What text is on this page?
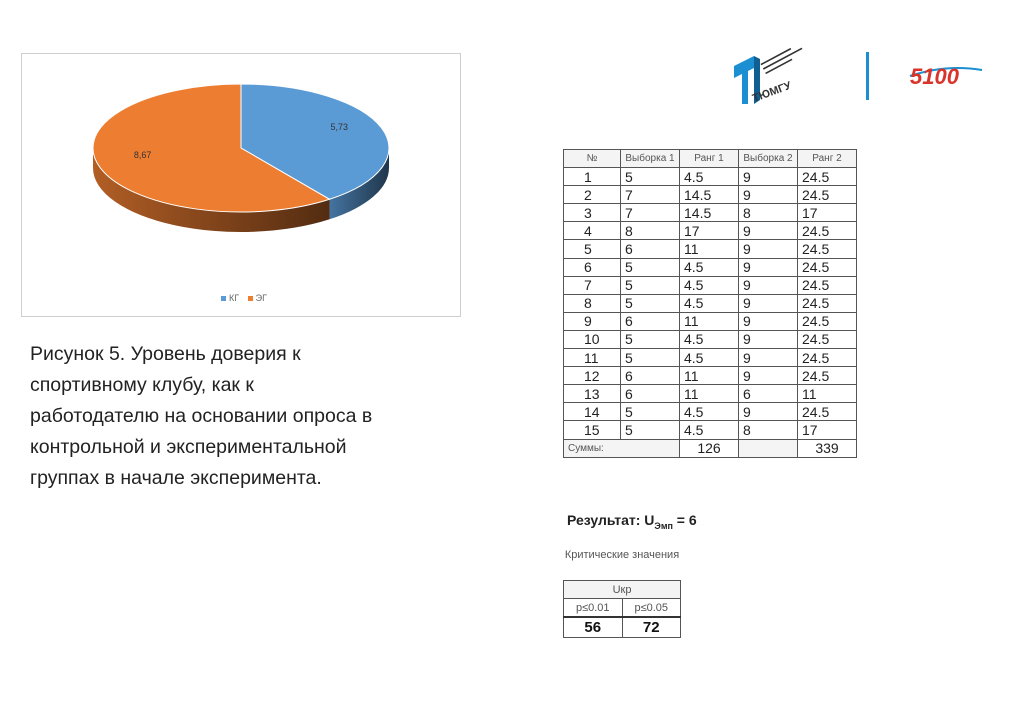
5,73
8,67
КГ ЭГ
Рисунок 5. Уровень доверия к
спортивному клубу, как к
работодателю на основании опроса в
контрольной и экспериментальной
группах в начале эксперимента.
ТЮМГУ
5100
№	Выборка 1	Ранг 1	Выборка 2	Ранг 2
1	5	4.5	9	24.5
2	7	14.5	9	24.5
3	7	14.5	8	17
4	8	17	9	24.5
5	6	11	9	24.5
6	5	4.5	9	24.5
7	5	4.5	9	24.5
8	5	4.5	9	24.5
9	6	11	9	24.5
10	5	4.5	9	24.5
11	5	4.5	9	24.5
12	6	11	9	24.5
13	6	11	6	11
14	5	4.5	9	24.5
15	5	4.5	8	17
Суммы:		126		339
Результат: $U_{Эмп} = 6$
Критические значения
Uкр	
p≤0.01	p≤0.05
56	72
